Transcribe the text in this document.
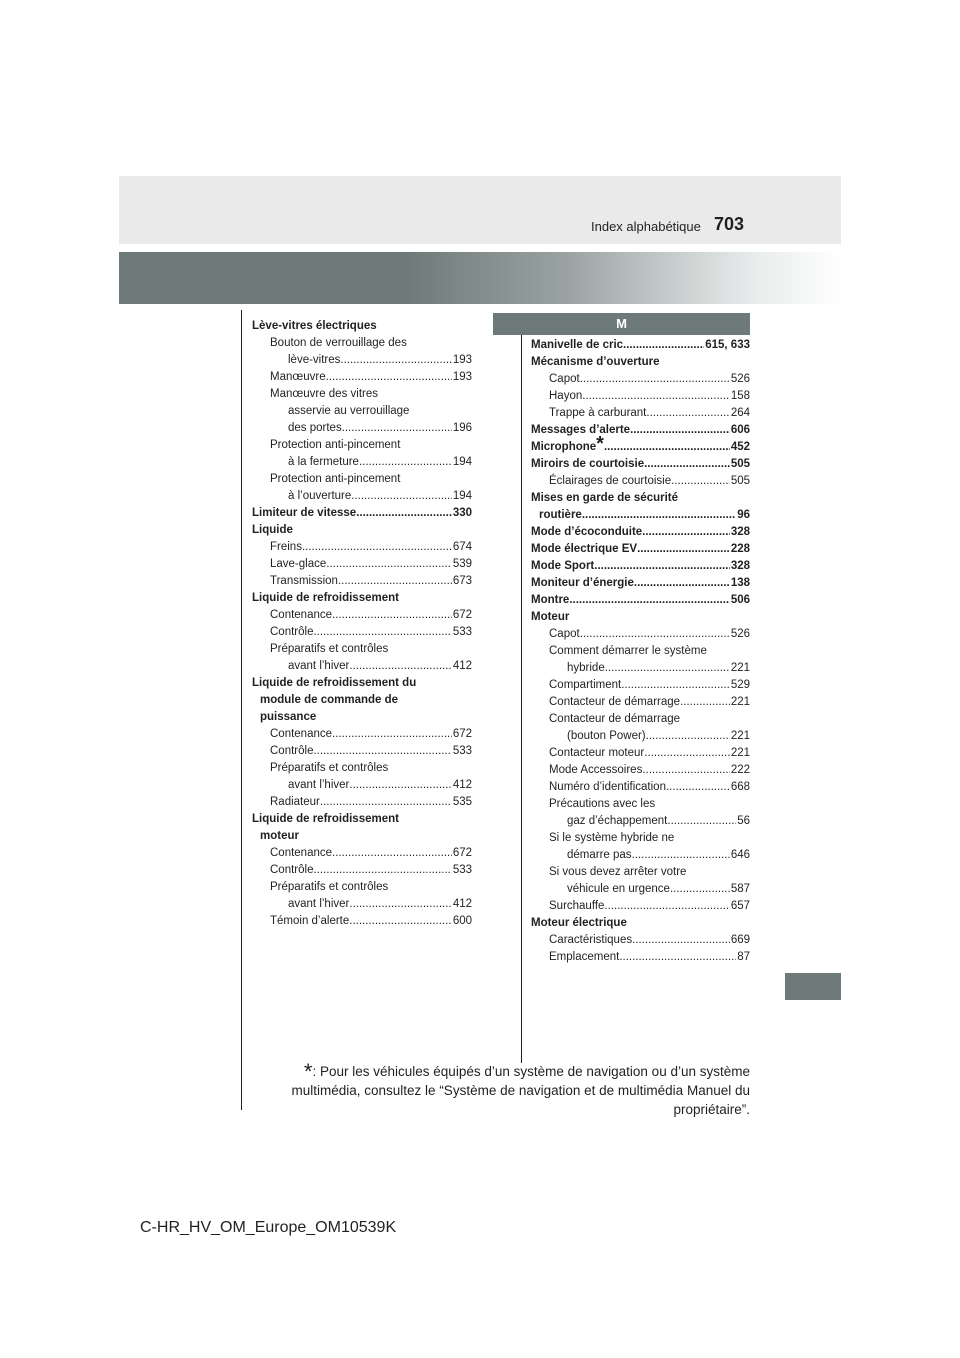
Index alphabétique 703
M
Lève-vitres électriques
Bouton de verrouillage des
lève-vitres .....	193
Manœuvre .....	193
Manœuvre des vitres
asservie au verrouillage
des portes .....	196
Protection anti-pincement
à la fermeture .....	194
Protection anti-pincement
à l’ouverture .....	194
Limiteur de vitesse .....	330
Liquide
Freins .....	674
Lave-glace .....	539
Transmission .....	673
Liquide de refroidissement
Contenance .....	672
Contrôle .....	533
Préparatifs et contrôles
avant l’hiver .....	412
Liquide de refroidissement du
module de commande de
puissance
Contenance .....	672
Contrôle .....	533
Préparatifs et contrôles
avant l’hiver .....	412
Radiateur .....	535
Liquide de refroidissement
moteur
Contenance .....	672
Contrôle .....	533
Préparatifs et contrôles
avant l’hiver .....	412
Témoin d’alerte .....	600
Manivelle de cric .....	615, 633
Mécanisme d’ouverture
Capot .....	526
Hayon .....	158
Trappe à carburant .....	264
Messages d’alerte .....	606
Microphone * .....	452
Miroirs de courtoisie .....	505
Éclairages de courtoisie .....	505
Mises en garde de sécurité
routière .....	96
Mode d’écoconduite .....	328
Mode électrique EV .....	228
Mode Sport .....	328
Moniteur d’énergie .....	138
Montre .....	506
Moteur
Capot .....	526
Comment démarrer le système
hybride .....	221
Compartiment .....	529
Contacteur de démarrage .....	221
Contacteur de démarrage
(bouton Power) .....	221
Contacteur moteur .....	221
Mode Accessoires .....	222
Numéro d’identification .....	668
Précautions avec les
gaz d’échappement .....	56
Si le système hybride ne
démarre pas .....	646
Si vous devez arrêter votre
véhicule en urgence .....	587
Surchauffe .....	657
Moteur électrique
Caractéristiques .....	669
Emplacement .....	87
*: Pour les véhicules équipés d’un système de navigation ou d’un système
multimédia, consultez le “Système de navigation et de multimédia Manuel du
propriétaire”.
C-HR_HV_OM_Europe_OM10539K
